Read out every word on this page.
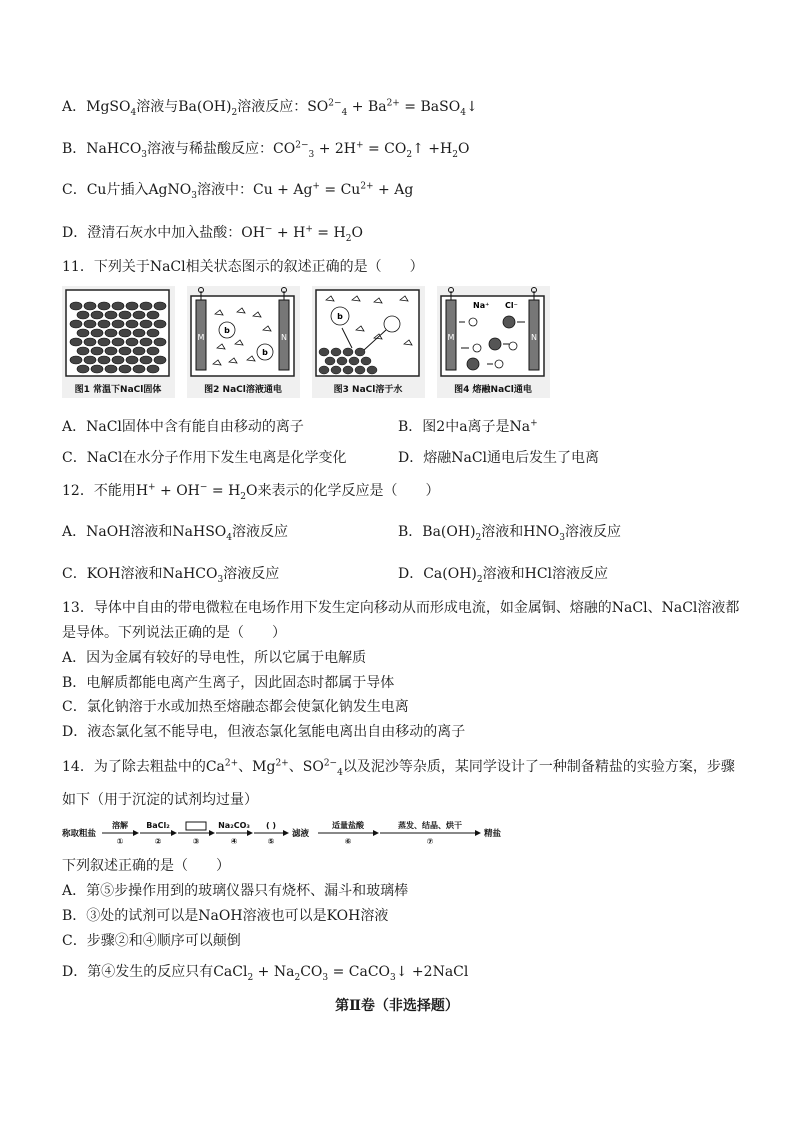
A．MgSO$_4$溶液与$Ba(OH)_2$溶液反应：$SO^{2-}_4 + Ba^{2+}$ = BaSO$_4$↓
B．NaHCO$_3$溶液与稀盐酸反应：$CO^{2-}_3 + 2H^+$ = $CO_2↑ +H_2O$
C．Cu片插入AgNO$_3$溶液中：$Cu + Ag^+ = Cu^{2+} + Ag$
D．澄清石灰水中加入盐酸：$OH^- + H^+ = H_2O$
11．下列关于NaCl相关状态图示的叙述正确的是（　　）
图1 常温下NaCl固体
M	N
b
b
图2 NaCl溶液通电
b
图3 NaCl溶于水
M	N
Na⁺ Cl⁻
图4 熔融NaCl通电
A．NaCl固体中含有能自由移动的离子	B．图2中a离子是Na+
C．NaCl在水分子作用下发生电离是化学变化	D．熔融NaCl通电后发生了电离
12．不能用$H^+ + OH^- = H_2O$来表示的化学反应是（　　）
A．NaOH溶液和NaHSO$_4$溶液反应	B．$Ba(OH)_2$溶液和$HNO_3$溶液反应
C．KOH溶液和NaHCO$_3$溶液反应	D．$Ca(OH)_2$溶液和HCl溶液反应
13．导体中自由的带电微粒在电场作用下发生定向移动从而形成电流，如金属铜、熔融的NaCl、NaCl溶液都
是导体。下列说法正确的是（　　）
A．因为金属有较好的导电性，所以它属于电解质
B．电解质都能电离产生离子，因此固态时都属于导体
C．氯化钠溶于水或加热至熔融态都会使氯化钠发生电离
D．液态氯化氢不能导电，但液态氯化氢能电离出自由移动的离子
14．为了除去粗盐中的$Ca^{2+}$、$Mg^{2+}$、$SO^{2-}_4$以及泥沙等杂质，某同学设计了一种制备精盐的实验方案，步骤
如下（用于沉淀的试剂均过量）
称取粗盐
溶解
①
BaCl₂
②	③
Na₂CO₃
④
( )
⑤
滤液
适量盐酸
⑥
蒸发、结晶、烘干
⑦
精盐
下列叙述正确的是（　　）
A．第⑤步操作用到的玻璃仪器只有烧杯、漏斗和玻璃棒
B．③处的试剂可以是NaOH溶液也可以是KOH溶液
C．步骤②和④顺序可以颠倒
D．第④发生的反应只有CaCl$_2$ + $Na_2CO_3$ = CaCO$_3$↓ +2NaCl
第Ⅱ卷（非选择题）
